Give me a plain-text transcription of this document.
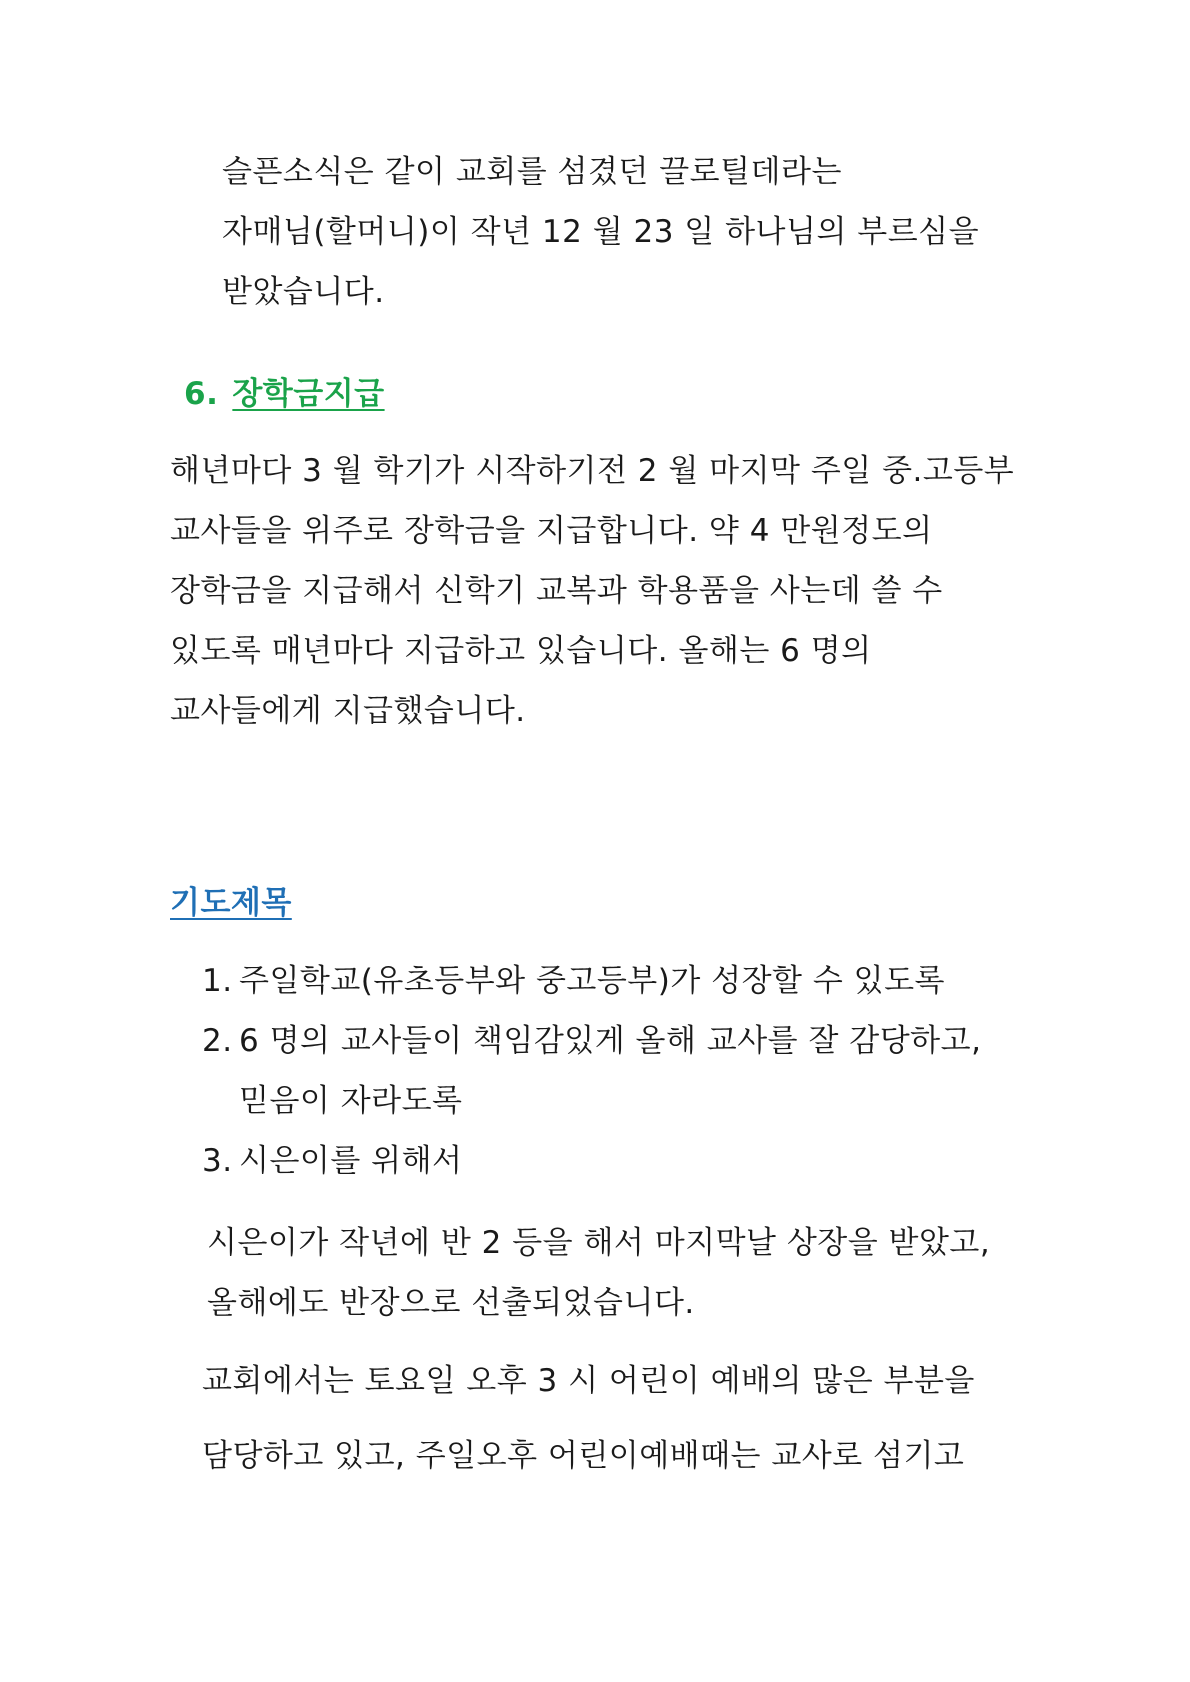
슬픈소식은 같이 교회를 섬겼던 끌로틸데라는
자매님(할머니)이 작년 12 월 23 일 하나님의 부르심을
받았습니다.
6. 장학금지급
해년마다 3 월 학기가 시작하기전 2 월 마지막 주일 중.고등부
교사들을 위주로 장학금을 지급합니다. 약 4 만원정도의
장학금을 지급해서 신학기 교복과 학용품을 사는데 쓸 수
있도록 매년마다 지급하고 있습니다. 올해는 6 명의
교사들에게 지급했습니다.
기도제목
1. 주일학교(유초등부와 중고등부)가 성장할 수 있도록
2. 6 명의 교사들이 책임감있게 올해 교사를 잘 감당하고,
믿음이 자라도록
3. 시은이를 위해서
시은이가 작년에 반 2 등을 해서 마지막날 상장을 받았고,
올해에도 반장으로 선출되었습니다.
교회에서는 토요일 오후 3 시 어린이 예배의 많은 부분을
담당하고 있고, 주일오후 어린이예배때는 교사로 섬기고
